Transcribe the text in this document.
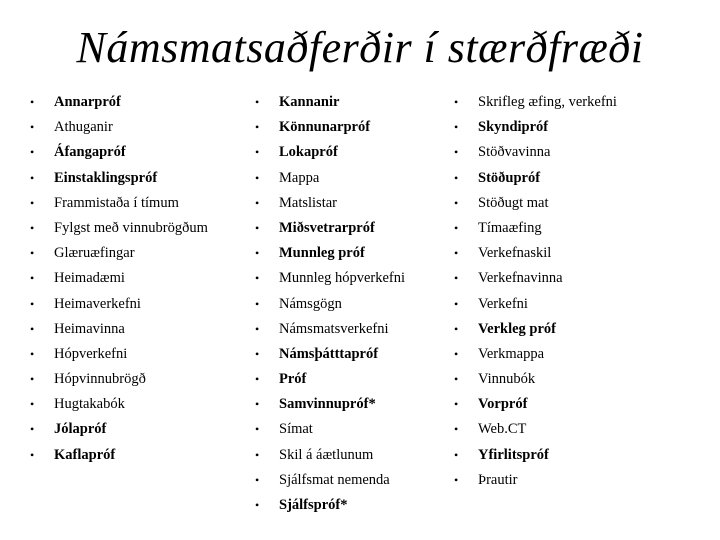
Námsmatsaðferðir í stærðfræði
•	Annarpróf
•	Athuganir
•	Áfangapróf
•	Einstaklingspróf
•	Frammistaða í tímum
•	Fylgst með vinnubrögðum
•	Glæruæfingar
•	Heimadæmi
•	Heimaverkefni
•	Heimavinna
•	Hópverkefni
•	Hópvinnubrögð
•	Hugtakabók
•	Jólapróf
•	Kaflapróf
•	Kannanir
•	Könnunarpróf
•	Lokapróf
•	Mappa
•	Matslistar
•	Miðsvetrarpróf
•	Munnleg próf
•	Munnleg hópverkefni
•	Námsgögn
•	Námsmatsverkefni
•	Námsþátttapróf
•	Próf
•	Samvinnupróf*
•	Símat
•	Skil á áætlunum
•	Sjálfsmat nemenda
•	Sjálfspróf*
•	Skrifleg æfing, verkefni
•	Skyndipróf
•	Stöðvavinna
•	Stöðupróf
•	Stöðugt mat
•	Tímaæfing
•	Verkefnaskil
•	Verkefnavinna
•	Verkefni
•	Verkleg próf
•	Verkmappa
•	Vinnubók
•	Vorpróf
•	Web.CT
•	Yfirlitspróf
•	Þrautir
